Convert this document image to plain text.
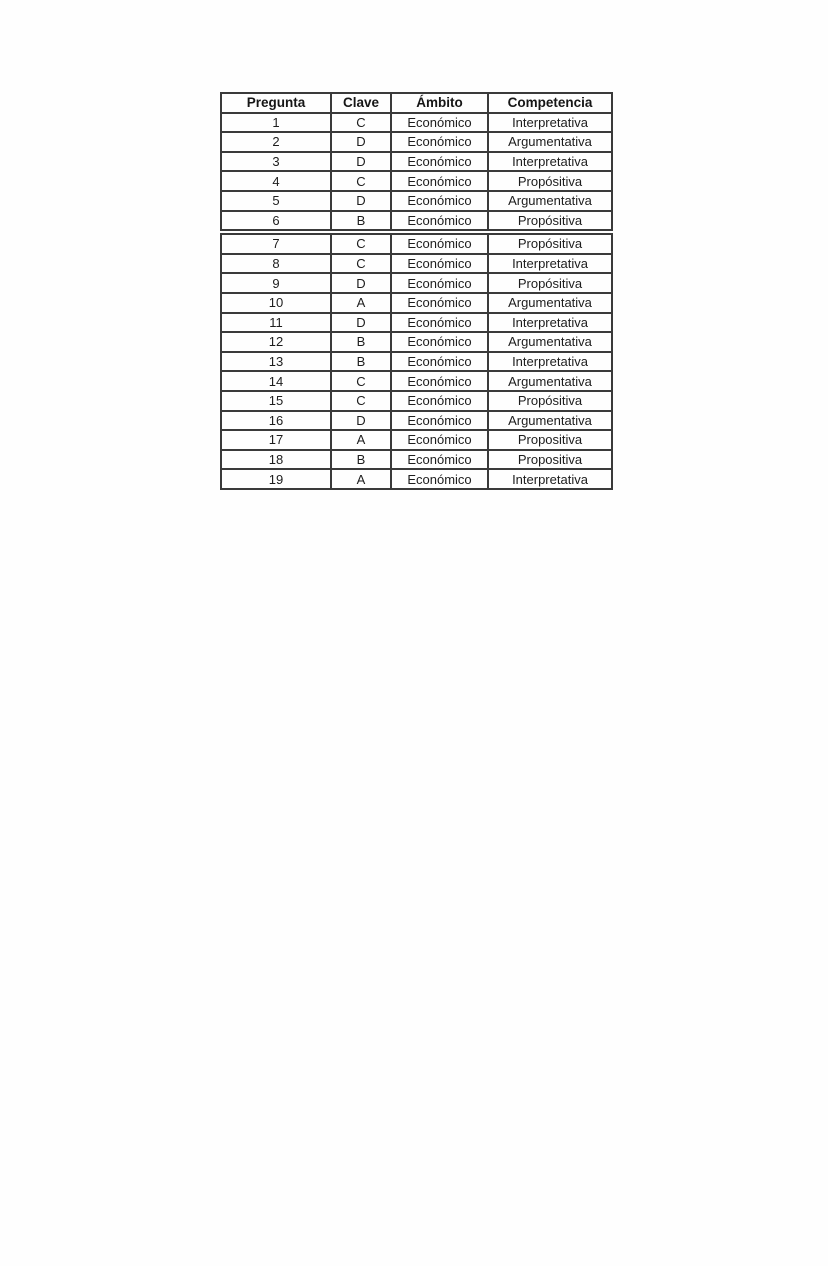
Pregunta	Clave	Ámbito	Competencia
1	C	Económico	Interpretativa
2	D	Económico	Argumentativa
3	D	Económico	Interpretativa
4	C	Económico	Propósitiva
5	D	Económico	Argumentativa
6	B	Económico	Propósitiva
7	C	Económico	Propósitiva
8	C	Económico	Interpretativa
9	D	Económico	Propósitiva
10	A	Económico	Argumentativa
11	D	Económico	Interpretativa
12	B	Económico	Argumentativa
13	B	Económico	Interpretativa
14	C	Económico	Argumentativa
15	C	Económico	Propósitiva
16	D	Económico	Argumentativa
17	A	Económico	Propositiva
18	B	Económico	Propositiva
19	A	Económico	Interpretativa
